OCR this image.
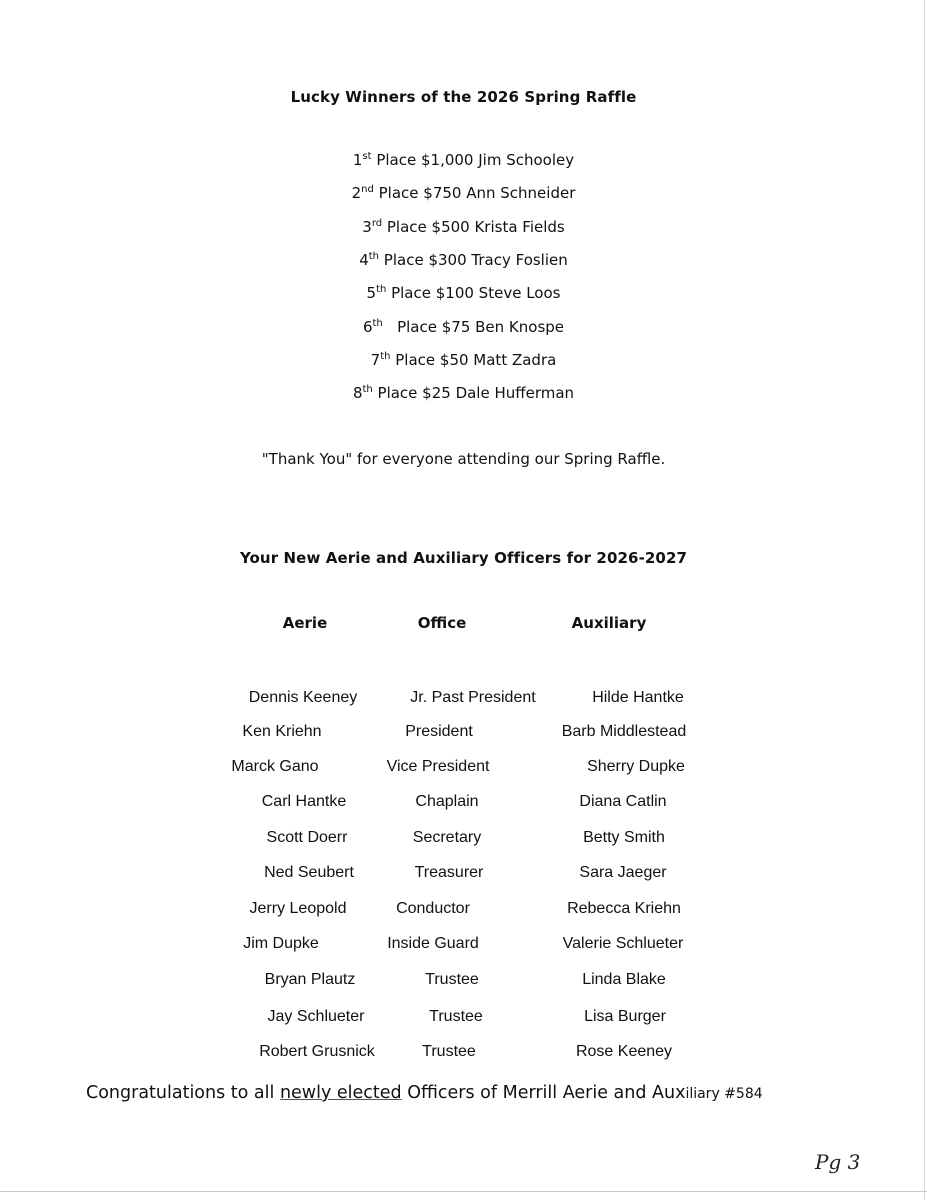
Lucky Winners of the 2026 Spring Raffle
1st Place $1,000 Jim Schooley
2nd Place $750 Ann Schneider
3rd Place $500 Krista Fields
4th Place $300 Tracy Foslien
5th Place $100 Steve Loos
6th   Place $75 Ben Knospe
7th Place $50 Matt Zadra
8th Place $25 Dale Hufferman
"Thank You" for everyone attending our Spring Raffle.
Your New Aerie and Auxiliary Officers for 2026-2027
Aerie	Office	Auxiliary
Dennis Keeney	Jr. Past President	Hilde Hantke
Ken Kriehn	President	Barb Middlestead
Marck Gano	Vice President	Sherry Dupke
Carl Hantke	Chaplain	Diana Catlin
Scott Doerr	Secretary	Betty Smith
Ned Seubert	Treasurer	Sara Jaeger
Jerry Leopold	Conductor	Rebecca Kriehn
Jim Dupke	Inside Guard	Valerie Schlueter
Bryan Plautz	Trustee	Linda Blake
Jay Schlueter	Trustee	Lisa Burger
Robert Grusnick	Trustee	Rose Keeney
Congratulations to all newly elected Officers of Merrill Aerie and Auxiliary #584
Pg 3
